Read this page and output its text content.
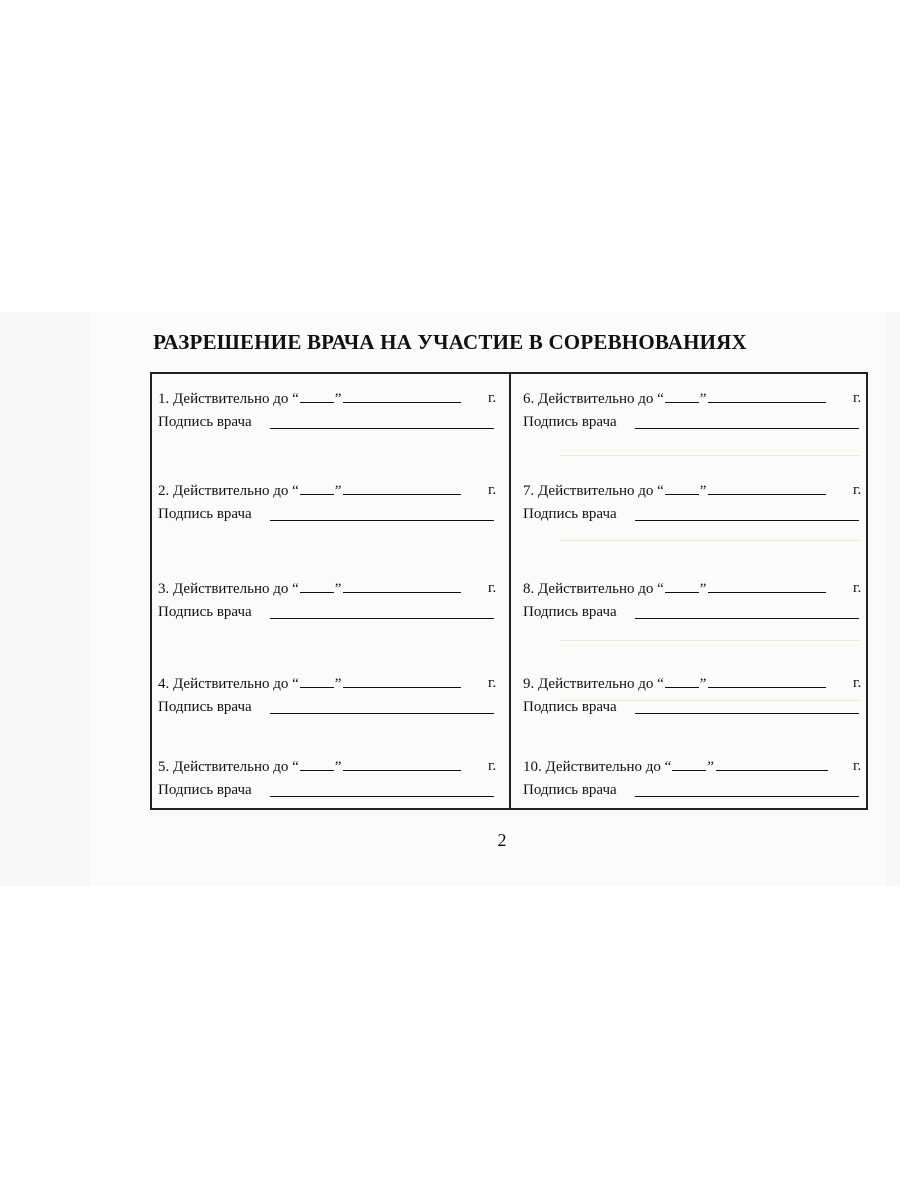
РАЗРЕШЕНИЕ ВРАЧА НА УЧАСТИЕ В СОРЕВНОВАНИЯХ
1. Действительно до “ ”	г.
Подпись врача
2. Действительно до “ ”	г.
Подпись врача
3. Действительно до “ ”	г.
Подпись врача
4. Действительно до “ ”	г.
Подпись врача
5. Действительно до “ ”	г.
Подпись врача
6. Действительно до “ ”	г.
Подпись врача
7. Действительно до “ ”	г.
Подпись врача
8. Действительно до “ ”	г.
Подпись врача
9. Действительно до “ ”	г.
Подпись врача
10. Действительно до “ ”	г.
Подпись врача
2
